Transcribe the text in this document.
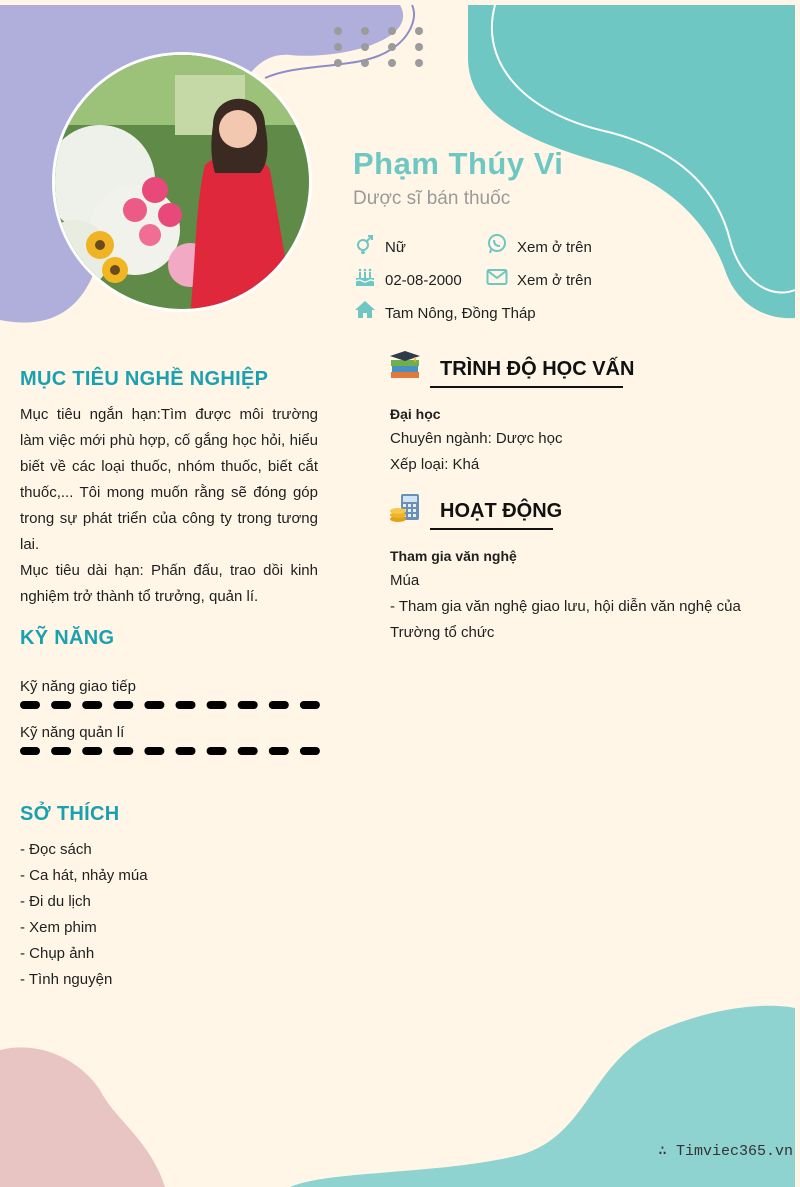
Phạm Thúy Vi
Dược sĩ bán thuốc
Nữ	Xem ở trên
02-08-2000	Xem ở trên
Tam Nông, Đồng Tháp
MỤC TIÊU NGHỀ NGHIỆP

Mục tiêu ngắn hạn:Tìm được môi trường làm việc mới phù hợp, cố gắng học hỏi, hiểu biết về các loại thuốc, nhóm thuốc, biết cắt thuốc,... Tôi mong muốn rằng sẽ đóng góp trong sự phát triển của công ty trong tương lai.

Mục tiêu dài hạn: Phấn đấu, trao dồi kinh nghiệm trở thành tổ trưởng, quản lí.

KỸ NĂNG
Kỹ năng giao tiếp
Kỹ năng quản lí
SỞ THÍCH
- Đọc sách
- Ca hát, nhảy múa
- Đi du lịch
- Xem phim
- Chụp ảnh
- Tình nguyện
TRÌNH ĐỘ HỌC VẤN
Đại học
Chuyên ngành: Dược học
Xếp loại: Khá
HOẠT ĐỘNG
Tham gia văn nghệ
Múa
- Tham gia văn nghệ giao lưu, hội diễn văn nghệ của
Trường tổ chức
∴ Timviec365.vn
